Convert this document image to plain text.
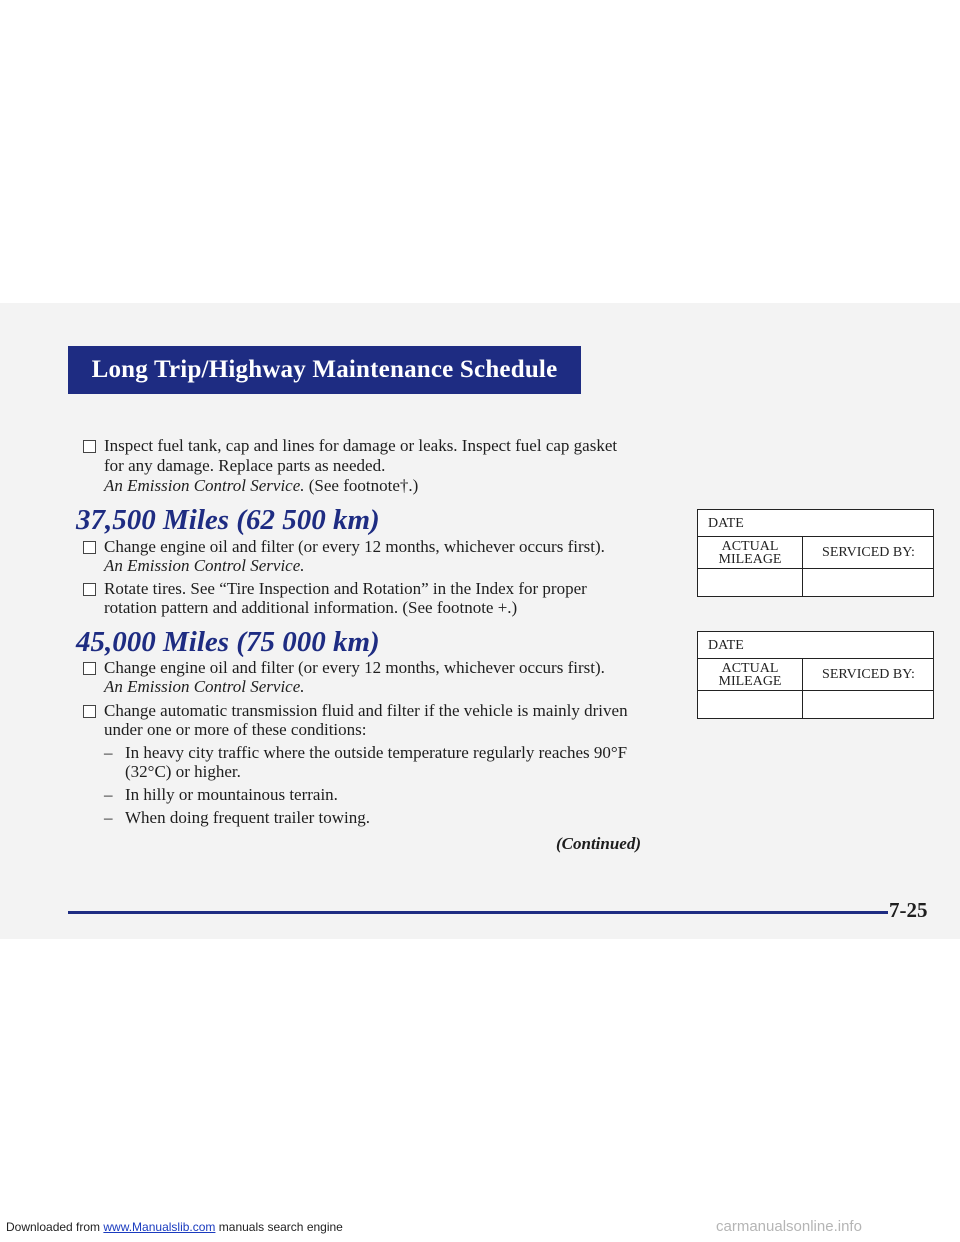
Long Trip/Highway Maintenance Schedule
Inspect fuel tank, cap and lines for damage or leaks. Inspect fuel cap gasket
for any damage. Replace parts as needed.
An Emission Control Service. (See footnote†.)
37,500 Miles (62 500 km)
Change engine oil and filter (or every 12 months, whichever occurs first).
An Emission Control Service.
Rotate tires. See “Tire Inspection and Rotation” in the Index for proper
rotation pattern and additional information. (See footnote +.)
DATE
ACTUAL
MILEAGE	SERVICED BY:
45,000 Miles (75 000 km)
Change engine oil and filter (or every 12 months, whichever occurs first).
An Emission Control Service.
Change automatic transmission fluid and filter if the vehicle is mainly driven
under one or more of these conditions:
– In heavy city traffic where the outside temperature regularly reaches 90°F
(32°C) or higher.
– In hilly or mountainous terrain.
– When doing frequent trailer towing.
DATE
ACTUAL
MILEAGE	SERVICED BY:
(Continued)
7-25
Downloaded from www.Manualslib.com manuals search engine	carmanualsonline.info
